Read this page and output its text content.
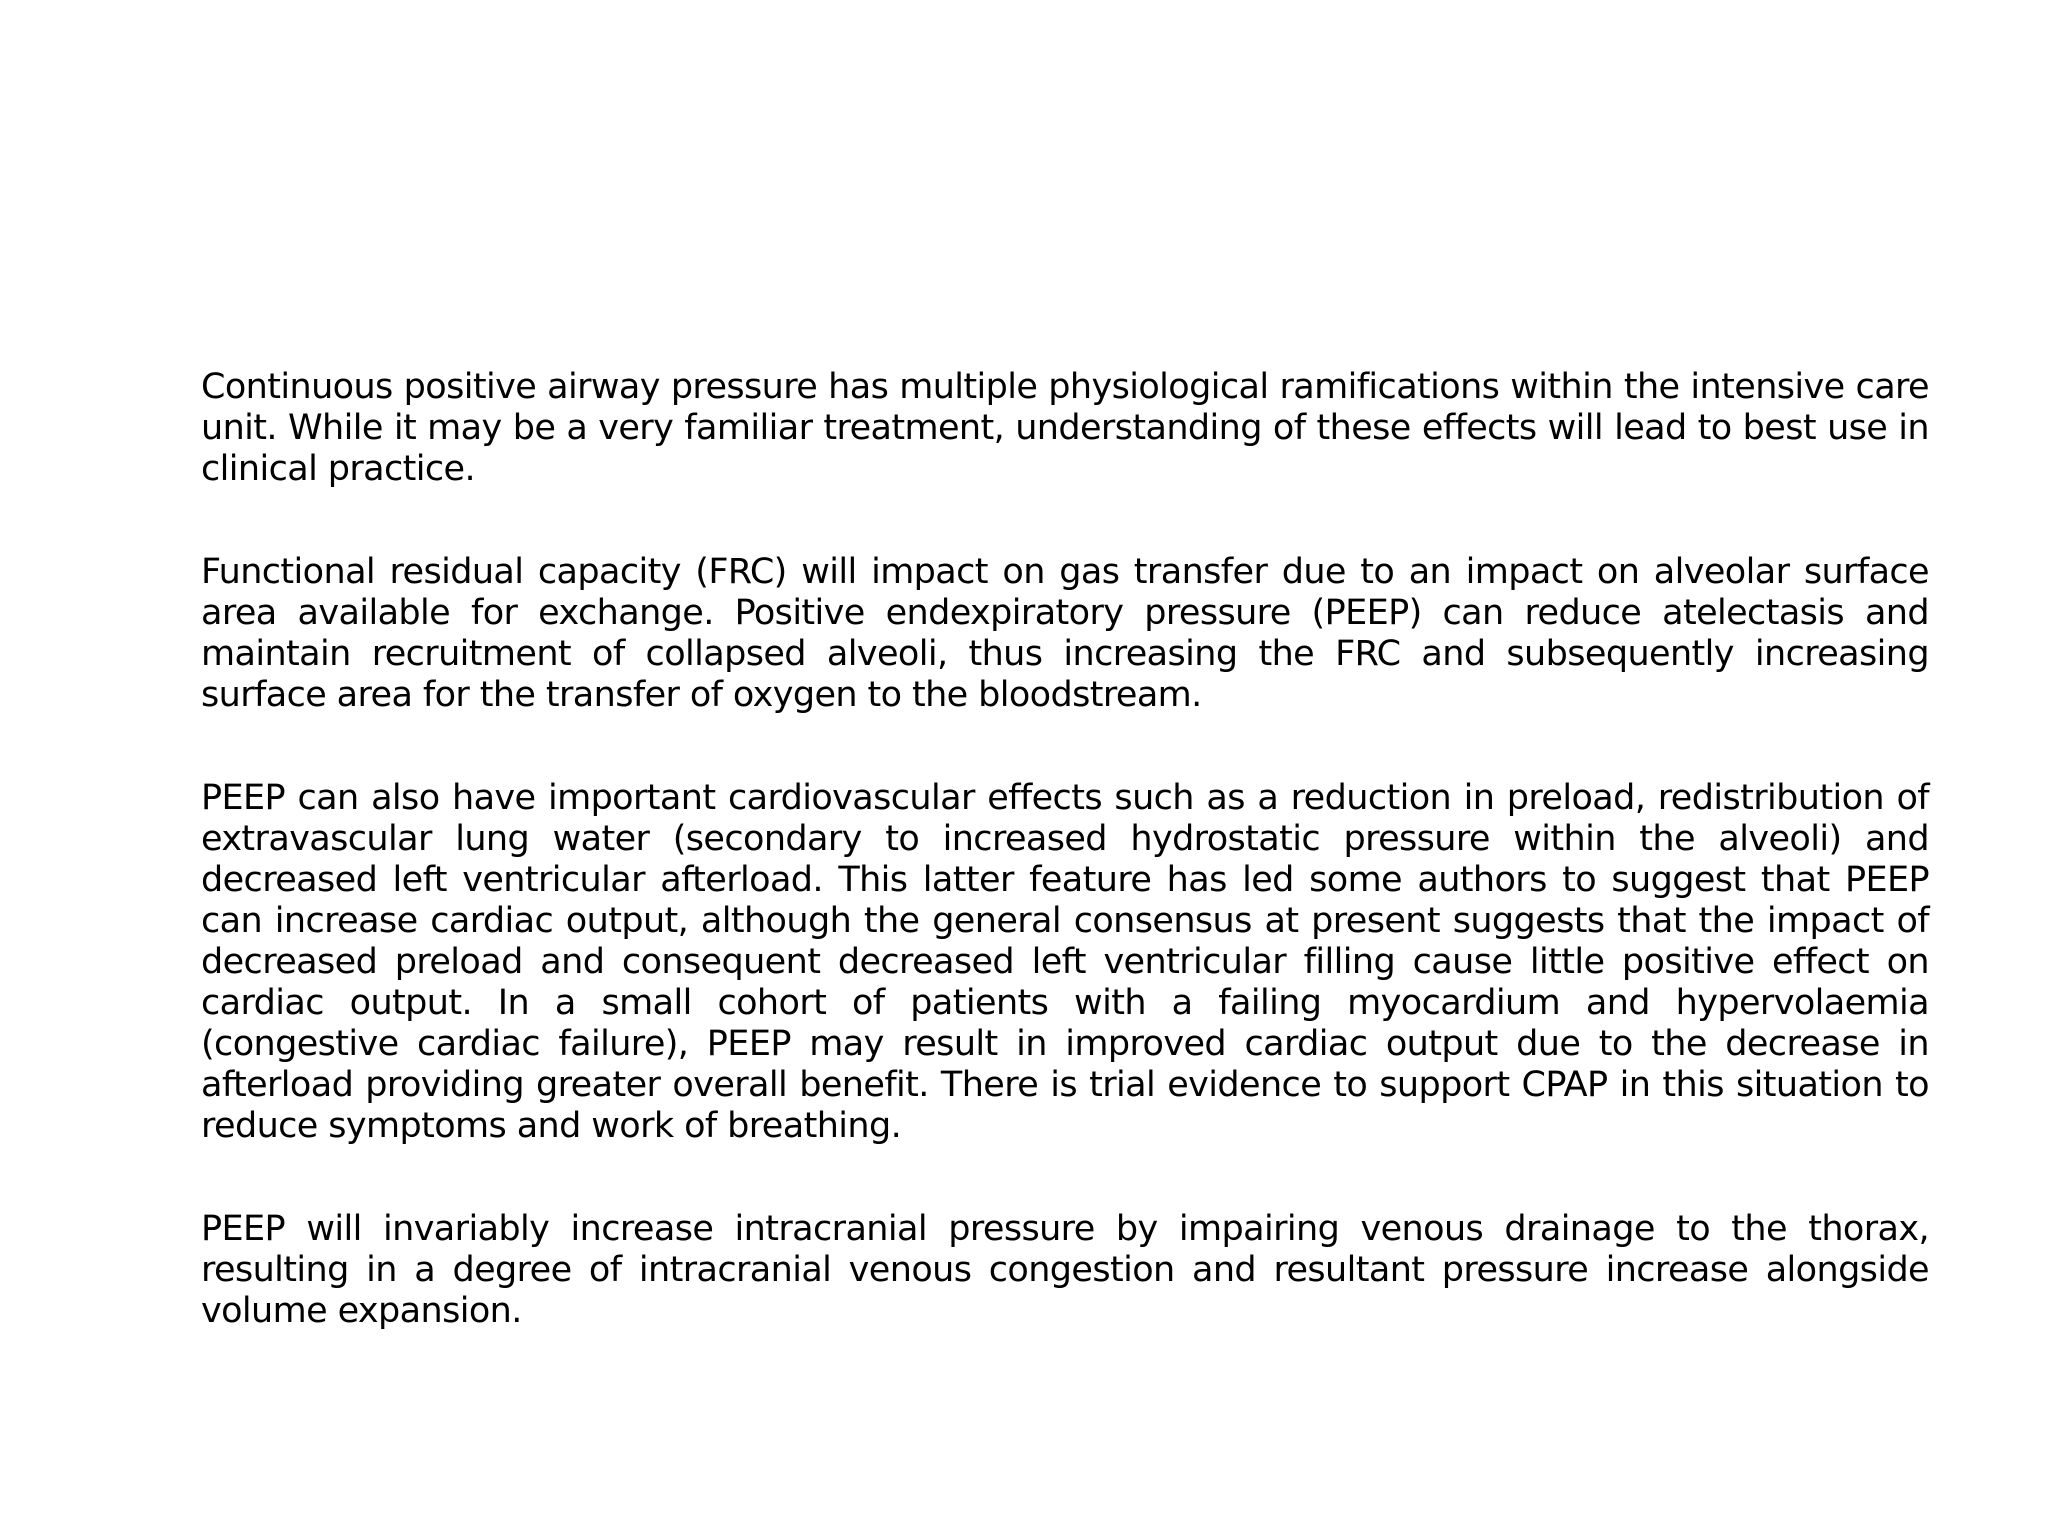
Continuous positive airway pressure has multiple physiological ramifications within the intensive care unit. While it may be a very familiar treatment, understanding of these effects will lead to best use in clinical practice.

Functional residual capacity (FRC) will impact on gas transfer due to an impact on alveolar surface area available for exchange. Positive endexpiratory pressure (PEEP) can reduce atelectasis and maintain recruitment of collapsed alveoli, thus increasing the FRC and subsequently increasing surface area for the transfer of oxygen to the bloodstream.

PEEP can also have important cardiovascular effects such as a reduction in preload, redistribution of extravascular lung water (secondary to increased hydrostatic pressure within the alveoli) and decreased left ventricular afterload. This latter feature has led some authors to suggest that PEEP can increase cardiac output, although the general consensus at present suggests that the impact of decreased preload and consequent decreased left ventricular filling cause little positive effect on cardiac output. In a small cohort of patients with a failing myocardium and hypervolaemia (congestive cardiac failure), PEEP may result in improved cardiac output due to the decrease in afterload providing greater overall benefit. There is trial evidence to support CPAP in this situation to reduce symptoms and work of breathing.

PEEP will invariably increase intracranial pressure by impairing venous drainage to the thorax, resulting in a degree of intracranial venous congestion and resultant pressure increase alongside volume expansion.
